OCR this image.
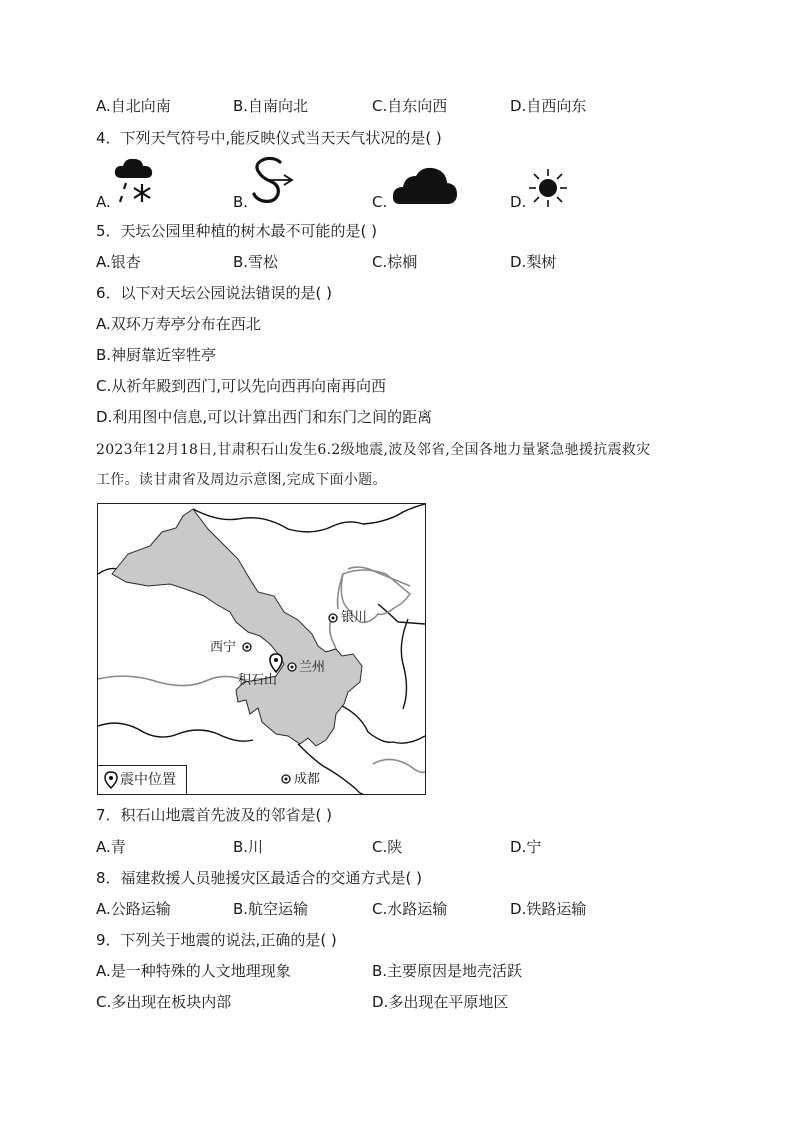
A.自北向南	B.自南向北	C.自东向西	D.自西向东
4．下列天气符号中,能反映仪式当天天气状况的是( )
A.	B.	C.	D.
5．天坛公园里种植的树木最不可能的是( )
A.银杏	B.雪松	C.棕榈	D.梨树
6．以下对天坛公园说法错误的是( )
A.双环万寿亭分布在西北
B.神厨靠近宰牲亭
C.从祈年殿到西门,可以先向西再向南再向西
D.利用图中信息,可以计算出西门和东门之间的距离
2023年12月18日,甘肃积石山发生6.2级地震,波及邻省,全国各地力量紧急驰援抗震救灾
工作。读甘肃省及周边示意图,完成下面小题。
银川
西宁
兰州
积石山
成都
震中位置
7．积石山地震首先波及的邻省是( )
A.青	B.川	C.陕	D.宁
8．福建救援人员驰援灾区最适合的交通方式是( )
A.公路运输	B.航空运输	C.水路运输	D.铁路运输
9．下列关于地震的说法,正确的是( )
A.是一种特殊的人文地理现象	B.主要原因是地壳活跃
C.多出现在板块内部	D.多出现在平原地区
